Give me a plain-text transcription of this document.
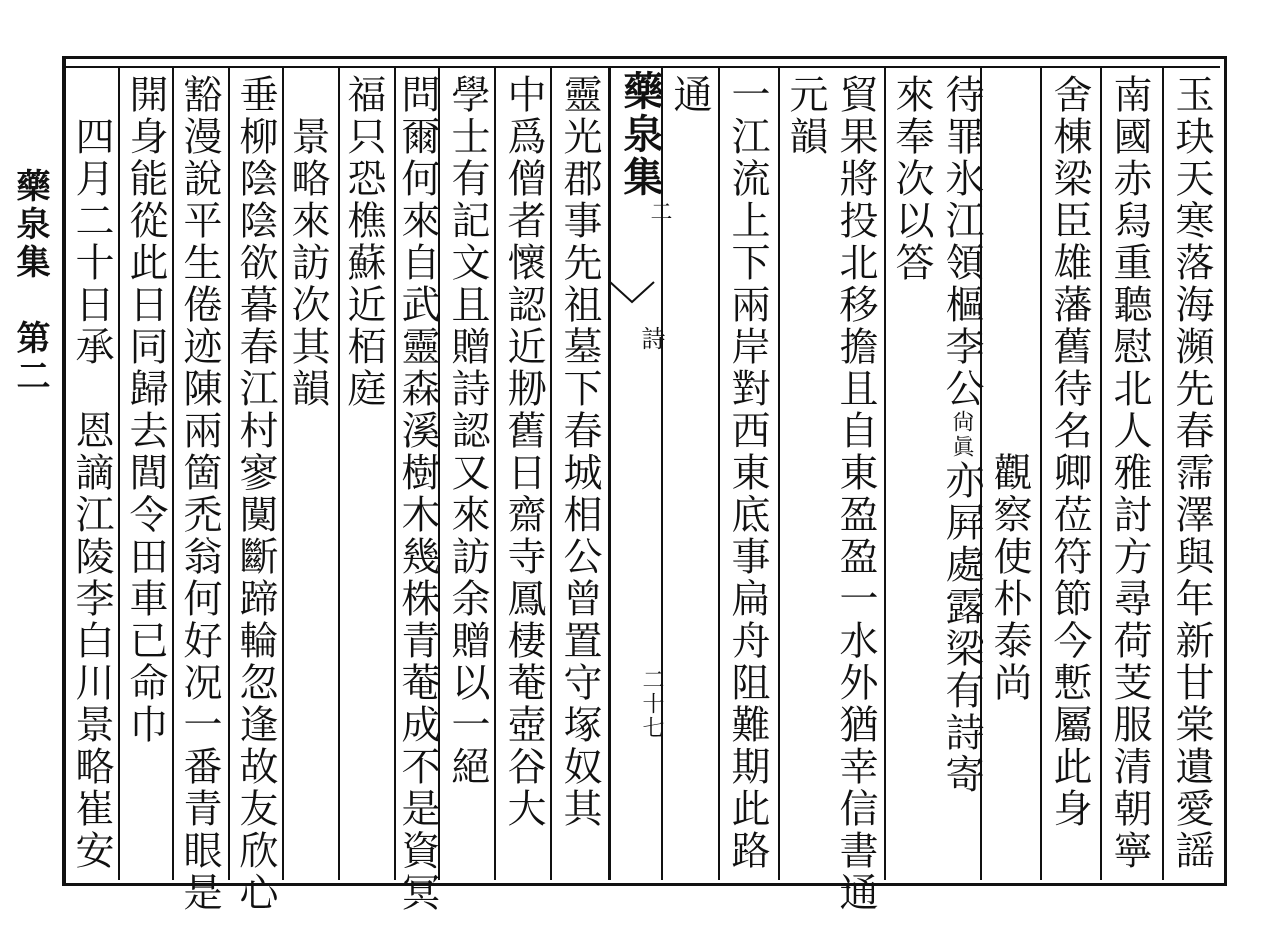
藥泉集　第二	玉玦天寒落海瀕先春霈澤與年新甘棠遺愛謡
南國赤舄重聽慰北人雅討方尋荷芰服清朝寧
舍棟梁臣雄藩舊待名卿莅符節今慙屬此身
　　　　　　　　　觀察使朴泰尚
待罪氷江領樞李公尙眞亦屛處露梁有詩寄
來奉次以答
貿果將投北移擔且自東盈盈一水外猶幸信書通
元韻
一江流上下兩岸對西東底事扁舟阻難期此路
通
藥泉集
二
詩
二十七
靈光郡事先祖墓下春城相公曾置守塚奴其
中爲僧者懷認近刱舊日齋寺鳳棲菴壺谷大
學士有記文且贈詩認又來訪余贈以一絕
問爾何來自武靈森溪樹木幾株青菴成不是資冥
福只恐樵蘇近栢庭
　景略來訪次其韻
垂柳陰陰欲暮春江村寥闃斷蹄輪忽逢故友欣心
豁漫說平生倦迹陳兩箇禿翁何好况一番青眼是
開身能從此日同歸去閭令田車已命巾
　四月二十日承　恩謫江陵李白川景略崔安
